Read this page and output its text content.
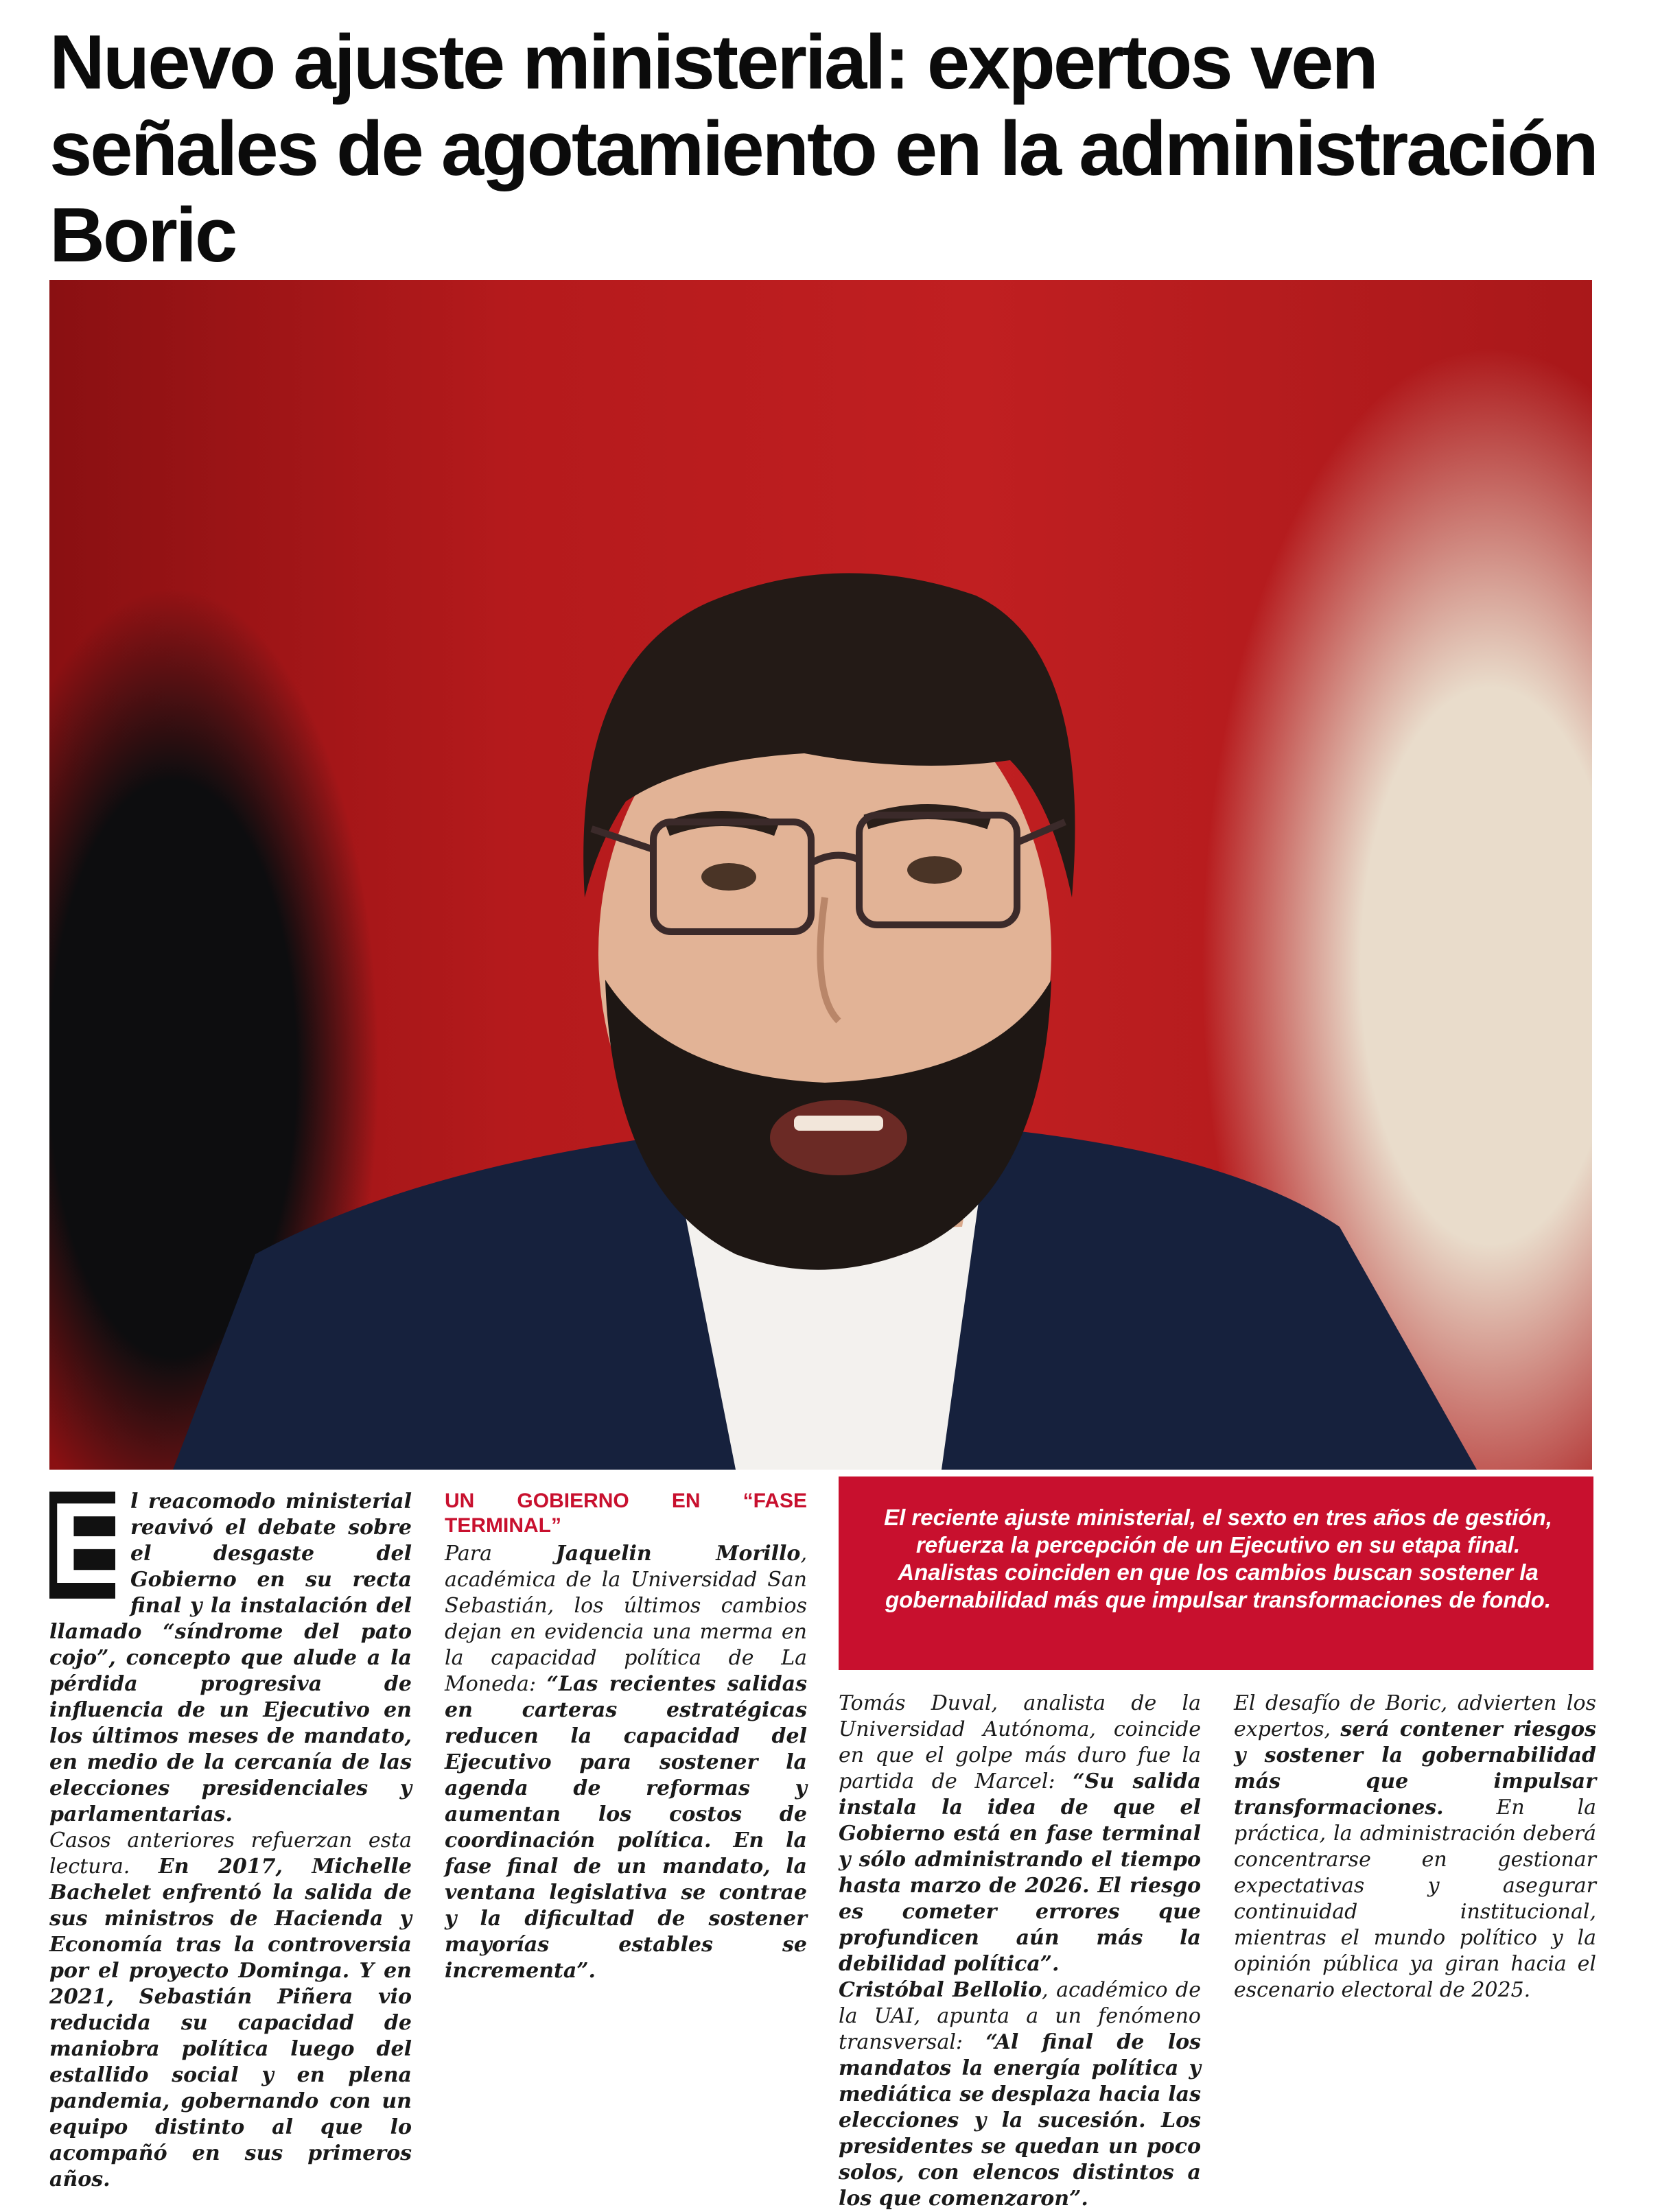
Nuevo ajuste ministerial: expertos ven señales de agotamiento en la administración Boric

El reacomodo ministerial reavivó el debate sobre el desgaste del Gobierno en su recta final y la instalación del llamado “síndrome del pato cojo”, concepto que alude a la pérdida progresiva de influencia de un Ejecutivo en los últimos meses de mandato, en medio de la cercanía de las elecciones presidenciales y parlamentarias.

Casos anteriores refuerzan esta lectura. En 2017, Michelle Bachelet enfrentó la salida de sus ministros de Hacienda y Economía tras la controversia por el proyecto Dominga. Y en 2021, Sebastián Piñera vio reducida su capacidad de maniobra política luego del estallido social y en plena pandemia, gobernando con un equipo distinto al que lo acompañó en sus primeros años.

UN GOBIERNO EN “FASE TERMINAL”

Para Jaquelin Morillo, académica de la Universidad San Sebastián, los últimos cambios dejan en evidencia una merma en la capacidad política de La Moneda: “Las recientes salidas en carteras estratégicas reducen la capacidad del Ejecutivo para sostener la agenda de reformas y aumentan los costos de coordinación política. En la fase final de un mandato, la ventana legislativa se contrae y la dificultad de sostener mayorías estables se incrementa”.

El reciente ajuste ministerial, el sexto en tres años de gestión, refuerza la percepción de un Ejecutivo en su etapa final. Analistas coinciden en que los cambios buscan sostener la gobernabilidad más que impulsar transformaciones de fondo.

Tomás Duval, analista de la Universidad Autónoma, coincide en que el golpe más duro fue la partida de Marcel: “Su salida instala la idea de que el Gobierno está en fase terminal y sólo administrando el tiempo hasta marzo de 2026. El riesgo es cometer errores que profundicen aún más la debilidad política”.

Cristóbal Bellolio, académico de la UAI, apunta a un fenómeno transversal: “Al final de los mandatos la energía política y mediática se desplaza hacia las elecciones y la sucesión. Los presidentes se quedan un poco solos, con elencos distintos a los que comenzaron”.

El desafío de Boric, advierten los expertos, será contener riesgos y sostener la gobernabilidad más que impulsar transformaciones. En la práctica, la administración deberá concentrarse en gestionar expectativas y asegurar continuidad institucional, mientras el mundo político y la opinión pública ya giran hacia el escenario electoral de 2025.
